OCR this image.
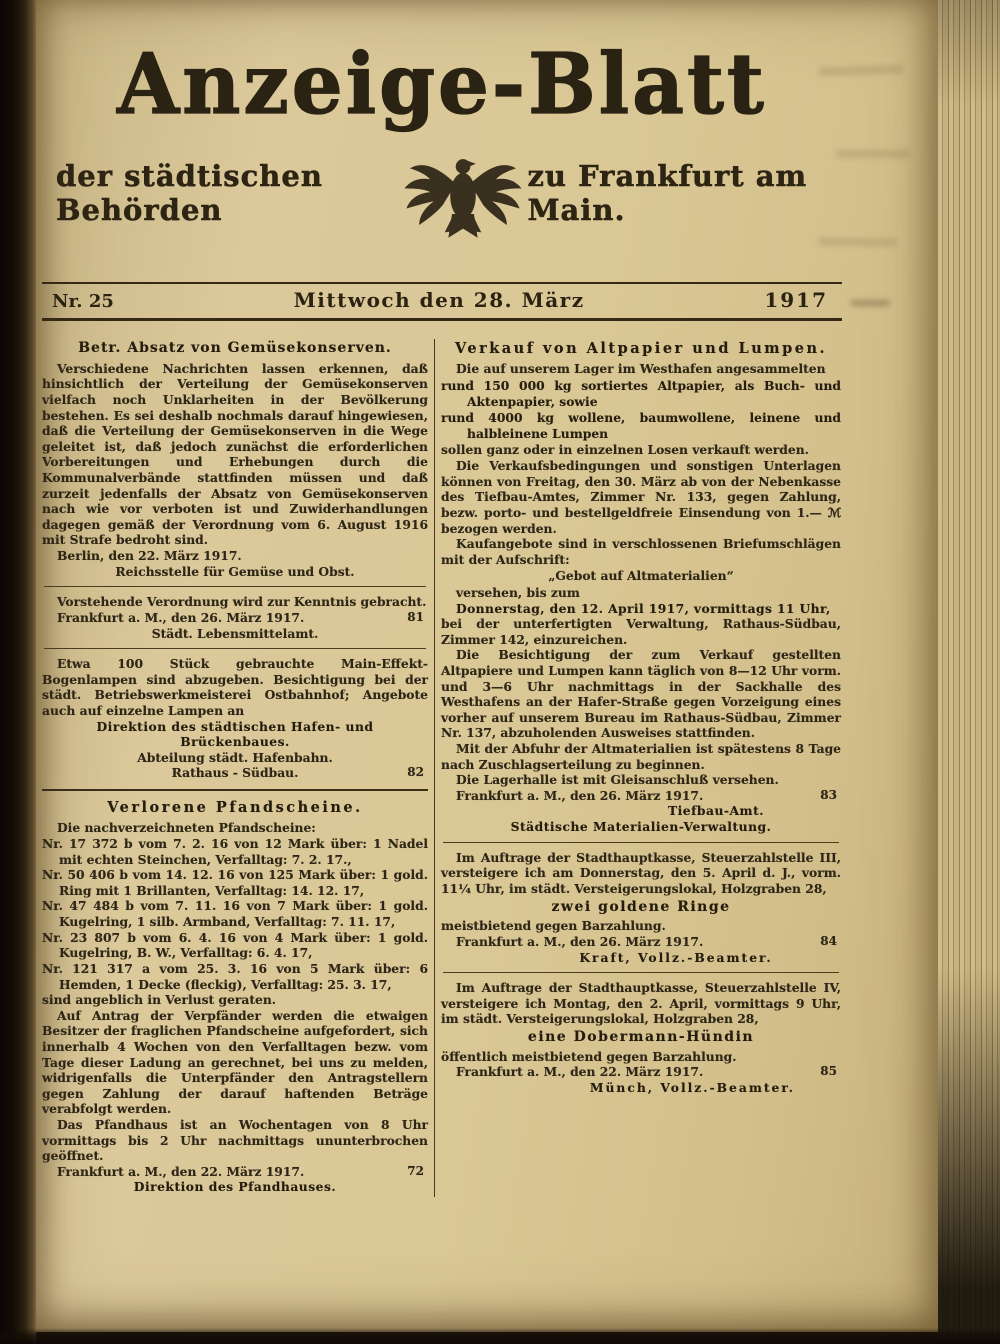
Anzeige-Blatt
der städtischen Behörden
zu Frankfurt am Main.
Nr. 25	Mittwoch den 28. März	1917
Betr. Absatz von Gemüsekonserven.

Verschiedene Nachrichten lassen erkennen, daß hinsichtlich der Verteilung der Gemüsekonserven vielfach noch Unklarheiten in der Bevölkerung bestehen. Es sei deshalb nochmals darauf hingewiesen, daß die Verteilung der Gemüsekonserven in die Wege geleitet ist, daß jedoch zunächst die erforderlichen Vorbereitungen und Erhebungen durch die Kommunalverbände stattfinden müssen und daß zurzeit jedenfalls der Absatz von Gemüsekonserven nach wie vor verboten ist und Zuwiderhandlungen dagegen gemäß der Verordnung vom 6. August 1916 mit Strafe bedroht sind.

Berlin, den 22. März 1917.

Reichsstelle für Gemüse und Obst.

Vorstehende Verordnung wird zur Kenntnis gebracht.

Frankfurt a. M., den 26. März 1917.	81

Städt. Lebensmittelamt.

Etwa 100 Stück gebrauchte Main-Effekt-Bogenlampen sind abzugeben. Besichtigung bei der städt. Betriebswerkmeisterei Ostbahnhof; Angebote auch auf einzelne Lampen an

Direktion des städtischen Hafen- und Brückenbaues.

Abteilung städt. Hafenbahn.

Rathaus - Südbau.	82

Verlorene Pfandscheine.

Die nachverzeichneten Pfandscheine:

Nr. 17 372 b vom 7. 2. 16 von 12 Mark über: 1 Nadel mit echten Steinchen, Verfalltag: 7. 2. 17.,

Nr. 50 406 b vom 14. 12. 16 von 125 Mark über: 1 gold. Ring mit 1 Brillanten, Verfalltag: 14. 12. 17,

Nr. 47 484 b vom 7. 11. 16 von 7 Mark über: 1 gold. Kugelring, 1 silb. Armband, Verfalltag: 7. 11. 17,

Nr. 23 807 b vom 6. 4. 16 von 4 Mark über: 1 gold. Kugelring, B. W., Verfalltag: 6. 4. 17,

Nr. 121 317 a vom 25. 3. 16 von 5 Mark über: 6 Hemden, 1 Decke (fleckig), Verfalltag: 25. 3. 17,

sind angeblich in Verlust geraten.

Auf Antrag der Verpfänder werden die etwaigen Besitzer der fraglichen Pfandscheine aufgefordert, sich innerhalb 4 Wochen von den Verfalltagen bezw. vom Tage dieser Ladung an gerechnet, bei uns zu melden, widrigenfalls die Unterpfänder den Antragstellern gegen Zahlung der darauf haftenden Beträge verabfolgt werden.

Das Pfandhaus ist an Wochentagen von 8 Uhr vormittags bis 2 Uhr nachmittags ununterbrochen geöffnet.

Frankfurt a. M., den 22. März 1917.	72

Direktion des Pfandhauses.

Verkauf von Altpapier und Lumpen.

Die auf unserem Lager im Westhafen angesammelten

rund 150 000 kg sortiertes Altpapier, als Buch- und Aktenpapier, sowie

rund 4000 kg wollene, baumwollene, leinene und halbleinene Lumpen

sollen ganz oder in einzelnen Losen verkauft werden.

Die Verkaufsbedingungen und sonstigen Unterlagen können von Freitag, den 30. März ab von der Nebenkasse des Tiefbau-Amtes, Zimmer Nr. 133, gegen Zahlung, bezw. porto- und bestellgeldfreie Einsendung von 1.— ℳ bezogen werden.

Kaufangebote sind in verschlossenen Briefumschlägen mit der Aufschrift:

„Gebot auf Altmaterialien“

versehen, bis zum

Donnerstag, den 12. April 1917, vormittags 11 Uhr,

bei der unterfertigten Verwaltung, Rathaus-Südbau, Zimmer 142, einzureichen.

Die Besichtigung der zum Verkauf gestellten Altpapiere und Lumpen kann täglich von 8—12 Uhr vorm. und 3—6 Uhr nachmittags in der Sackhalle des Westhafens an der Hafer-Straße gegen Vorzeigung eines vorher auf unserem Bureau im Rathaus-Südbau, Zimmer Nr. 137, abzuholenden Ausweises stattfinden.

Mit der Abfuhr der Altmaterialien ist spätestens 8 Tage nach Zuschlagserteilung zu beginnen.

Die Lagerhalle ist mit Gleisanschluß versehen.

Frankfurt a. M., den 26. März 1917.	83

Tiefbau-Amt.

Städtische Materialien-Verwaltung.

Im Auftrage der Stadthauptkasse, Steuerzahlstelle III, versteigere ich am Donnerstag, den 5. April d. J., vorm. 11¼ Uhr, im städt. Versteigerungslokal, Holzgraben 28,

zwei goldene Ringe

meistbietend gegen Barzahlung.

Frankfurt a. M., den 26. März 1917.	84

Kraft, Vollz.-Beamter.

Im Auftrage der Stadthauptkasse, Steuerzahlstelle IV, versteigere ich Montag, den 2. April, vormittags 9 Uhr, im städt. Versteigerungslokal, Holzgraben 28,

eine Dobermann-Hündin

öffentlich meistbietend gegen Barzahlung.

Frankfurt a. M., den 22. März 1917.	85

Münch, Vollz.-Beamter.
